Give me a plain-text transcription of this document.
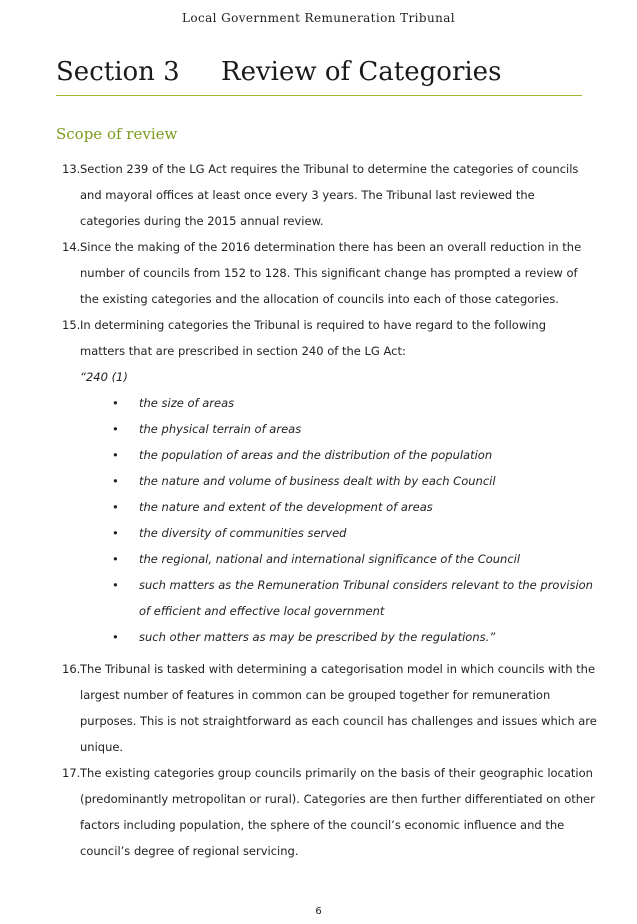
Local Government Remuneration Tribunal
Section 3 Review of Categories
Scope of review
13. Section 239 of the LG Act requires the Tribunal to determine the categories of councils
and mayoral offices at least once every 3 years. The Tribunal last reviewed the
categories during the 2015 annual review.
14. Since the making of the 2016 determination there has been an overall reduction in the
number of councils from 152 to 128. This significant change has prompted a review of
the existing categories and the allocation of councils into each of those categories.
15. In determining categories the Tribunal is required to have regard to the following
matters that are prescribed in section 240 of the LG Act:
“240 (1)
• the size of areas
• the physical terrain of areas
• the population of areas and the distribution of the population
• the nature and volume of business dealt with by each Council
• the nature and extent of the development of areas
• the diversity of communities served
• the regional, national and international significance of the Council
• such matters as the Remuneration Tribunal considers relevant to the provision
of efficient and effective local government
• such other matters as may be prescribed by the regulations.”
16. The Tribunal is tasked with determining a categorisation model in which councils with the
largest number of features in common can be grouped together for remuneration
purposes. This is not straightforward as each council has challenges and issues which are
unique.
17. The existing categories group councils primarily on the basis of their geographic location
(predominantly metropolitan or rural). Categories are then further differentiated on other
factors including population, the sphere of the council’s economic influence and the
council’s degree of regional servicing.
6
